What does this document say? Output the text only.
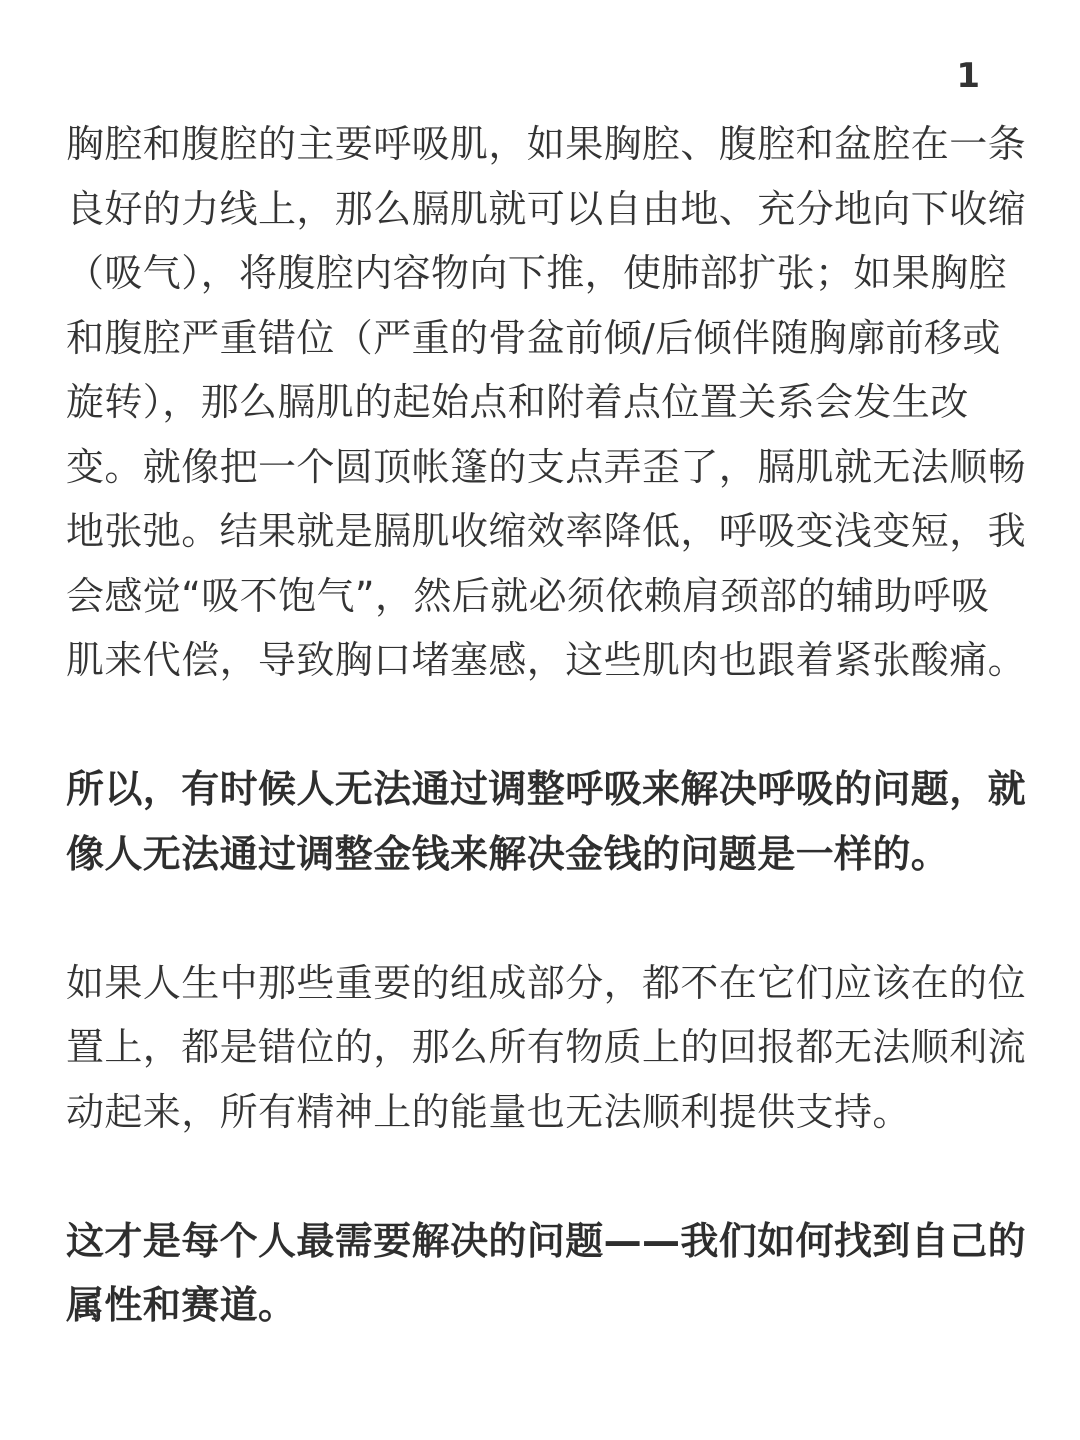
1

胸腔和腹腔的主要呼吸肌，如果胸腔、腹腔和盆腔在一条
良好的力线上，那么膈肌就可以自由地、充分地向下收缩
（吸气），将腹腔内容物向下推，使肺部扩张；如果胸腔
和腹腔严重错位（严重的骨盆前倾/后倾伴随胸廓前移或
旋转），那么膈肌的起始点和附着点位置关系会发生改
变。就像把一个圆顶帐篷的支点弄歪了，膈肌就无法顺畅
地张弛。结果就是膈肌收缩效率降低，呼吸变浅变短，我
会感觉“吸不饱气”，然后就必须依赖肩颈部的辅助呼吸
肌来代偿，导致胸口堵塞感，这些肌肉也跟着紧张酸痛。

所以，有时候人无法通过调整呼吸来解决呼吸的问题，就
像人无法通过调整金钱来解决金钱的问题是一样的。

如果人生中那些重要的组成部分，都不在它们应该在的位
置上，都是错位的，那么所有物质上的回报都无法顺利流
动起来，所有精神上的能量也无法顺利提供支持。

这才是每个人最需要解决的问题——我们如何找到自己的
属性和赛道。
